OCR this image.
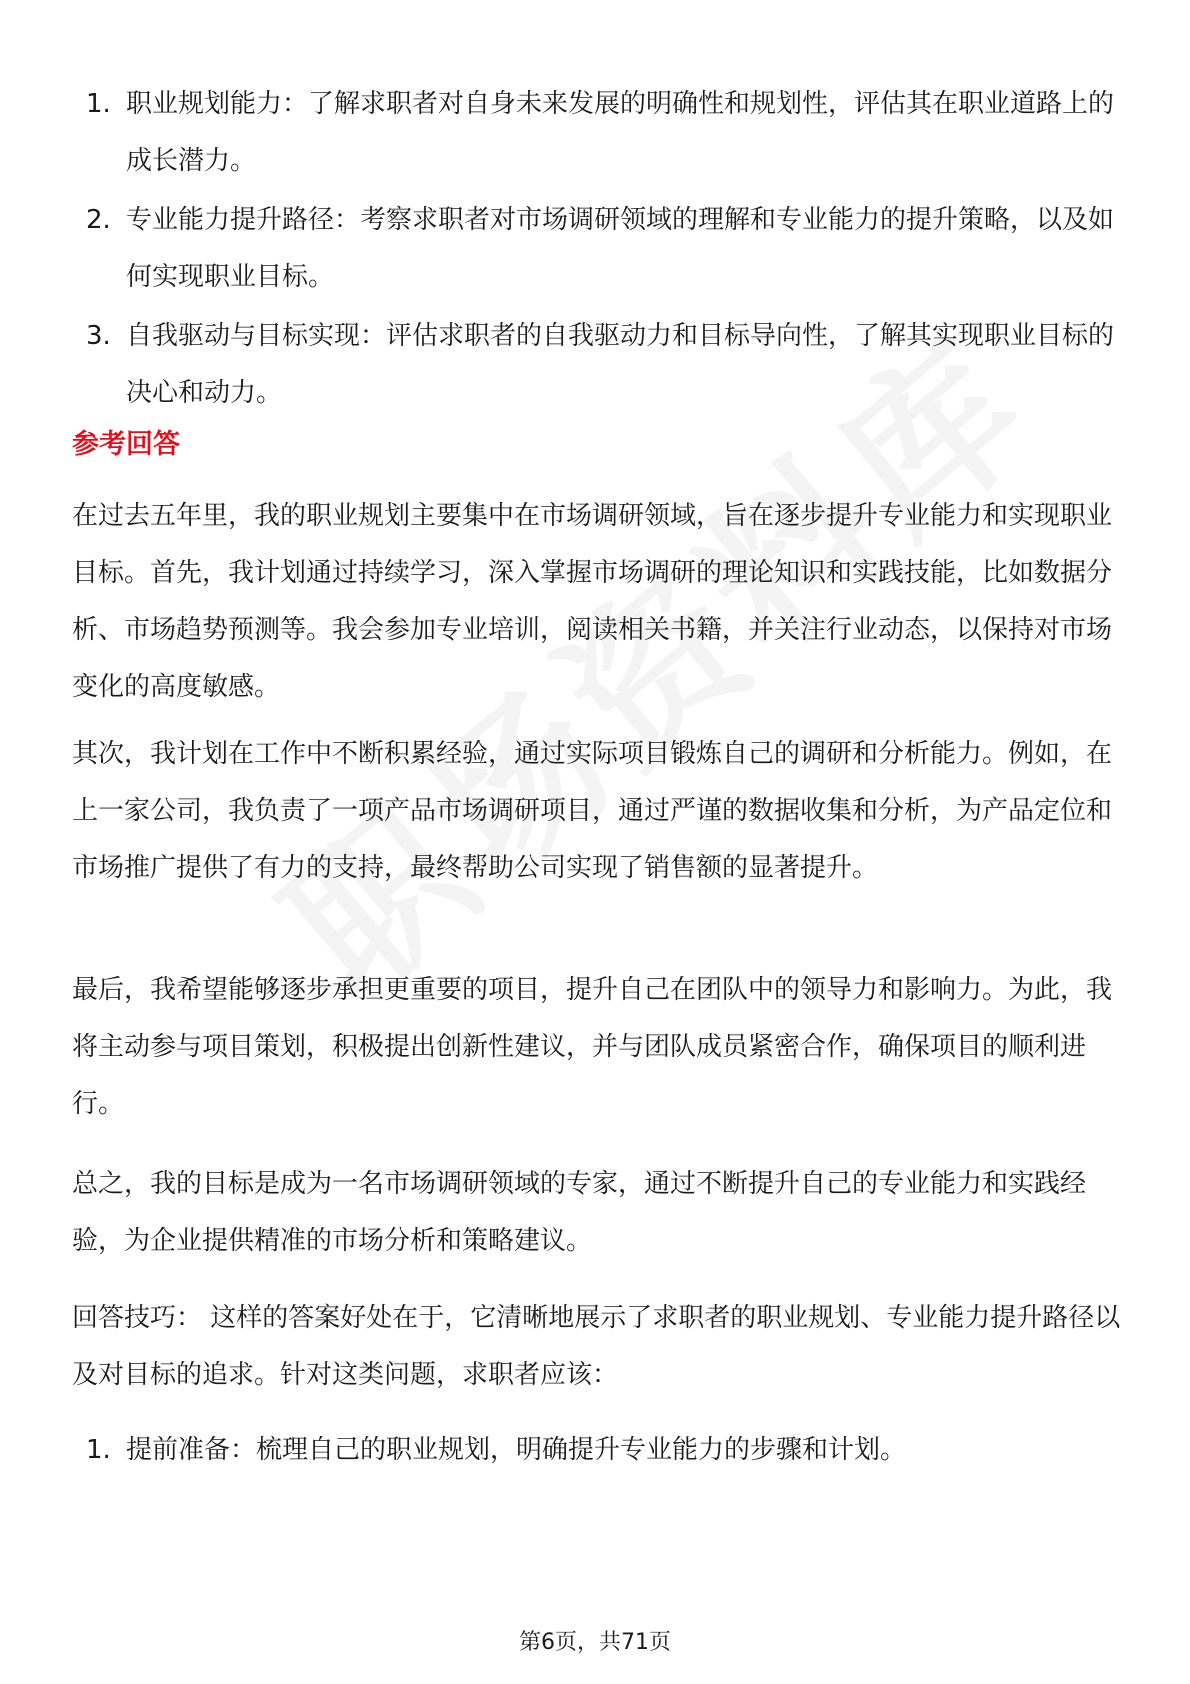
1. 职业规划能力：了解求职者对自身未来发展的明确性和规划性，评估其在职业道路上的成长潜力。
2. 专业能力提升路径：考察求职者对市场调研领域的理解和专业能力的提升策略，以及如何实现职业目标。
3. 自我驱动与目标实现：评估求职者的自我驱动力和目标导向性，了解其实现职业目标的决心和动力。
参考回答

在过去五年里，我的职业规划主要集中在市场调研领域，旨在逐步提升专业能力和实现职业目标。首先，我计划通过持续学习，深入掌握市场调研的理论知识和实践技能，比如数据分析、市场趋势预测等。我会参加专业培训，阅读相关书籍，并关注行业动态，以保持对市场变化的高度敏感。

其次，我计划在工作中不断积累经验，通过实际项目锻炼自己的调研和分析能力。例如，在上一家公司，我负责了一项产品市场调研项目，通过严谨的数据收集和分析，为产品定位和市场推广提供了有力的支持，最终帮助公司实现了销售额的显著提升。

最后，我希望能够逐步承担更重要的项目，提升自己在团队中的领导力和影响力。为此，我将主动参与项目策划，积极提出创新性建议，并与团队成员紧密合作，确保项目的顺利进行。

总之，我的目标是成为一名市场调研领域的专家，通过不断提升自己的专业能力和实践经验，为企业提供精准的市场分析和策略建议。

回答技巧： 这样的答案好处在于，它清晰地展示了求职者的职业规划、专业能力提升路径以及对目标的追求。针对这类问题，求职者应该：

1. 提前准备：梳理自己的职业规划，明确提升专业能力的步骤和计划。
第6页，共71页
